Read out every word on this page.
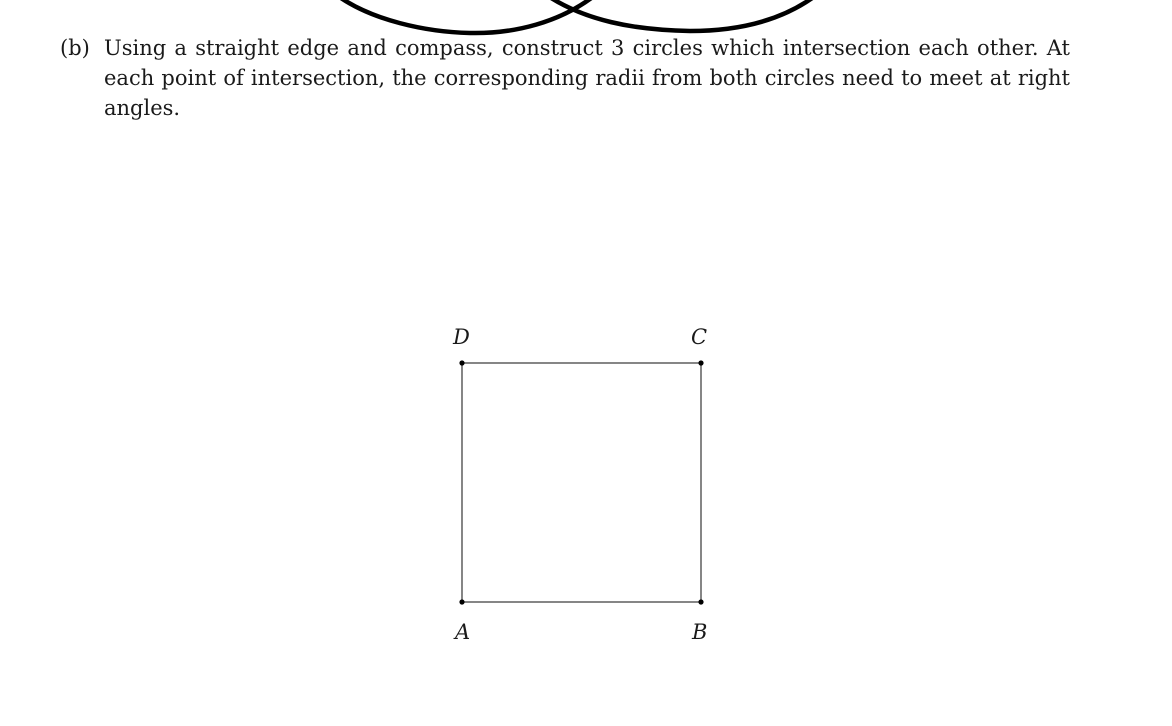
(b) Using a straight edge and compass, construct 3 circles which intersection each other. At each point of intersection, the corresponding radii from both circles need to meet at right angles.
D	C
A	B
